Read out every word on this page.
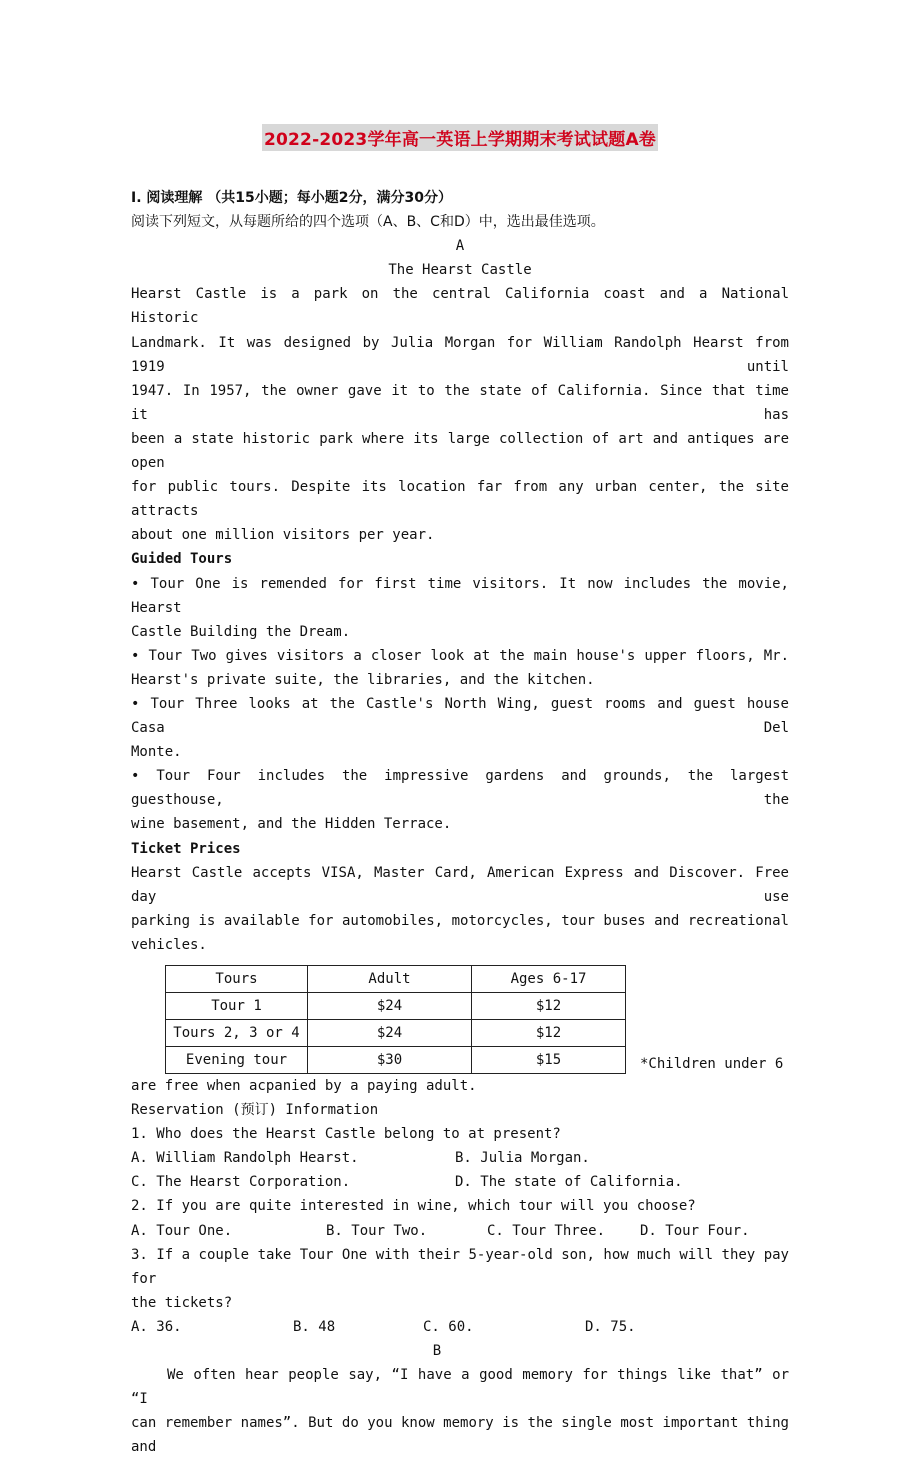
2022-2023学年高一英语上学期期末考试试题A卷
I. 阅读理解 （共15小题；每小题2分，满分30分）
阅读下列短文，从每题所给的四个选项（A、B、C和D）中，选出最佳选项。
A
The Hearst Castle
Hearst Castle is a park on the central California coast and a National Historic
Landmark. It was designed by Julia Morgan for William Randolph Hearst from 1919 until
1947. In 1957, the owner gave it to the state of California. Since that time it has
been a state historic park where its large collection of art and antiques are open
for public tours. Despite its location far from any urban center, the site attracts
about one million visitors per year.
Guided Tours
• Tour One is remended for first time visitors. It now includes the movie, Hearst
Castle Building the Dream.
• Tour Two gives visitors a closer look at the main house's upper floors, Mr.
Hearst's private suite, the libraries, and the kitchen.
• Tour Three looks at the Castle's North Wing, guest rooms and guest house Casa Del
Monte.
• Tour Four includes the impressive gardens and grounds, the largest guesthouse, the
wine basement, and the Hidden Terrace.
Ticket Prices
Hearst Castle accepts VISA, Master Card, American Express and Discover. Free day use
parking is available for automobiles, motorcycles, tour buses and recreational
vehicles.
Tours	Adult	Ages 6-17
Tour 1	$24	$12
Tours 2, 3 or 4	$24	$12
Evening tour	$30	$15	*Children under 6
are free when acpanied by a paying adult.
Reservation (预订) Information
1. Who does the Hearst Castle belong to at present?
A. William Randolph Hearst.	B. Julia Morgan.
C. The Hearst Corporation.	D. The state of California.
2. If you are quite interested in wine, which tour will you choose?
A. Tour One.	B. Tour Two.	C. Tour Three.	D. Tour Four.
3. If a couple take Tour One with their 5-year-old son, how much will they pay for
the tickets?
A. 36.	B. 48	C. 60.	D. 75.
B
We often hear people say, “I have a good memory for things like that” or “I
can remember names”. But do you know memory is the single most important thing and
